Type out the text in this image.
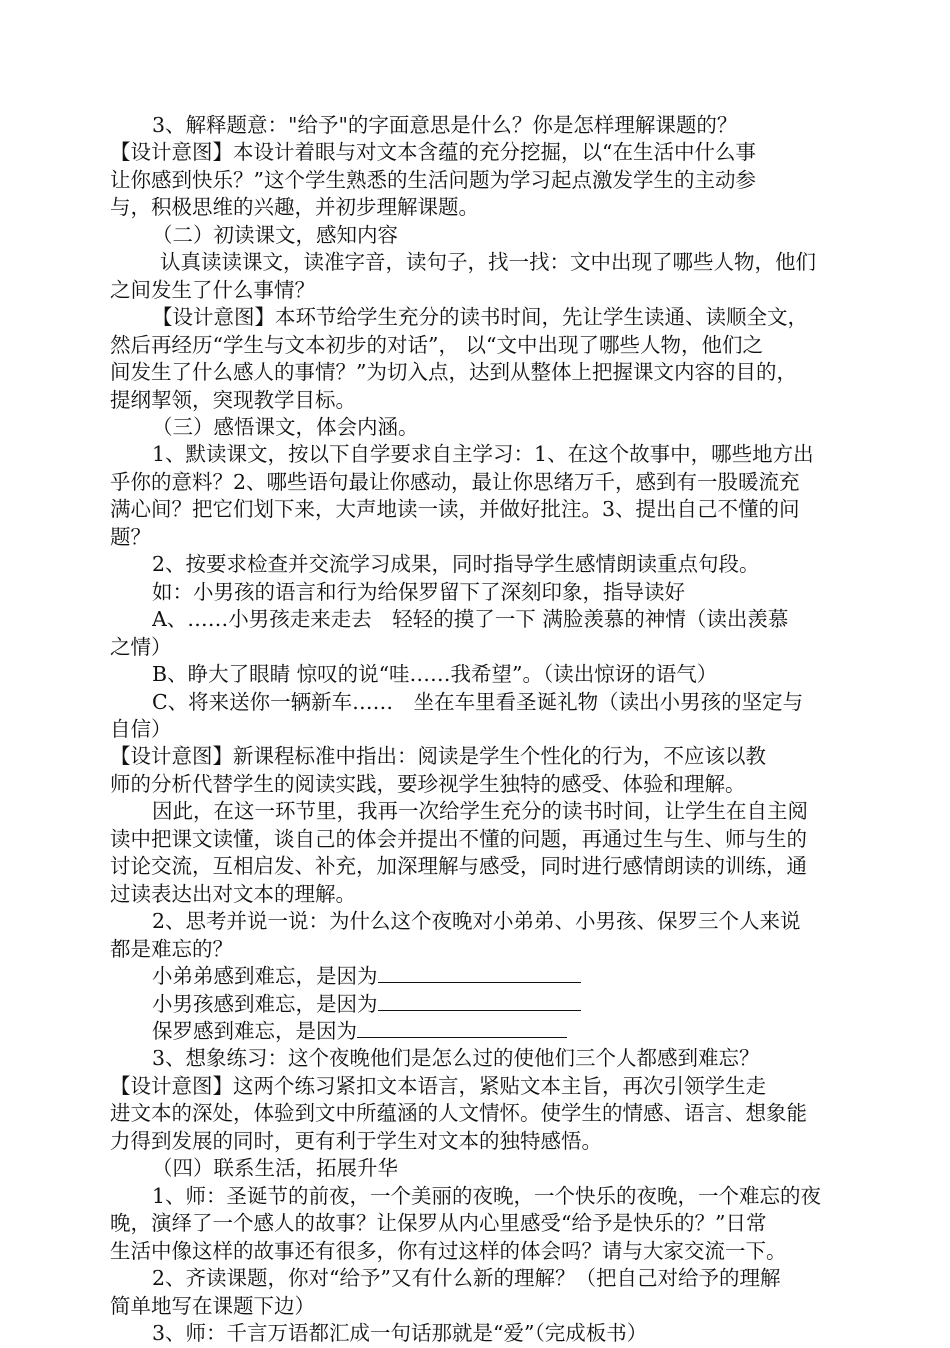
3、解释题意："给予"的字面意思是什么？你是怎样理解课题的？
【设计意图】本设计着眼与对文本含蕴的充分挖掘，以“在生活中什么事
让你感到快乐？”这个学生熟悉的生活问题为学习起点激发学生的主动参
与，积极思维的兴趣，并初步理解课题。
（二）初读课文，感知内容
认真读读课文，读准字音，读句子，找一找：文中出现了哪些人物，他们
之间发生了什么事情？
【设计意图】本环节给学生充分的读书时间，先让学生读通、读顺全文，
然后再经历“学生与文本初步的对话”， 以“文中出现了哪些人物，他们之
间发生了什么感人的事情？”为切入点，达到从整体上把握课文内容的目的，
提纲挈领，突现教学目标。
（三）感悟课文，体会内涵。
1、默读课文，按以下自学要求自主学习：1、在这个故事中，哪些地方出
乎你的意料？2、哪些语句最让你感动，最让你思绪万千，感到有一股暖流充
满心间？把它们划下来，大声地读一读，并做好批注。3、提出自己不懂的问
题？
2、按要求检查并交流学习成果，同时指导学生感情朗读重点句段。
如：小男孩的语言和行为给保罗留下了深刻印象，指导读好
A、……小男孩走来走去　轻轻的摸了一下 满脸羡慕的神情（读出羡慕
之情）
B、睁大了眼睛 惊叹的说“哇……我希望”。（读出惊讶的语气）
C、将来送你一辆新车……　坐在车里看圣诞礼物（读出小男孩的坚定与
自信）
【设计意图】新课程标准中指出：阅读是学生个性化的行为，不应该以教
师的分析代替学生的阅读实践，要珍视学生独特的感受、体验和理解。
因此，在这一环节里，我再一次给学生充分的读书时间，让学生在自主阅
读中把课文读懂，谈自己的体会并提出不懂的问题，再通过生与生、师与生的
讨论交流，互相启发、补充，加深理解与感受，同时进行感情朗读的训练，通
过读表达出对文本的理解。
2、思考并说一说：为什么这个夜晚对小弟弟、小男孩、保罗三个人来说
都是难忘的？
小弟弟感到难忘，是因为
小男孩感到难忘，是因为
保罗感到难忘，是因为
3、想象练习：这个夜晚他们是怎么过的使他们三个人都感到难忘？
【设计意图】这两个练习紧扣文本语言，紧贴文本主旨，再次引领学生走
进文本的深处，体验到文中所蕴涵的人文情怀。使学生的情感、语言、想象能
力得到发展的同时，更有利于学生对文本的独特感悟。
（四）联系生活，拓展升华
1、师：圣诞节的前夜，一个美丽的夜晚，一个快乐的夜晚，一个难忘的夜
晚，演绎了一个感人的故事？让保罗从内心里感受“给予是快乐的？”日常
生活中像这样的故事还有很多，你有过这样的体会吗？请与大家交流一下。
2、齐读课题，你对“给予”又有什么新的理解？（把自己对给予的理解
简单地写在课题下边）
3、师：千言万语都汇成一句话那就是“爱”（完成板书）
